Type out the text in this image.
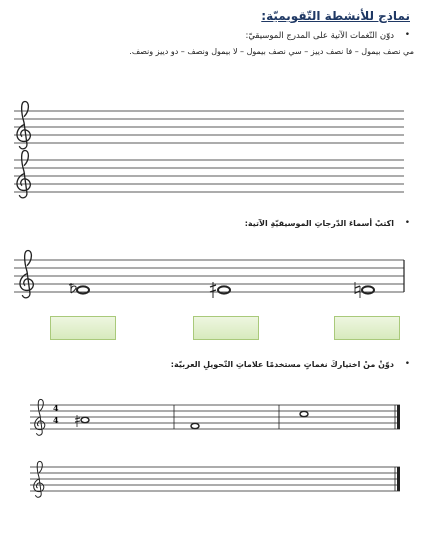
نماذج للأنشطة التّقويميّة:
•
دوّن النّغمات الآتية على المدرج الموسيقيّ:
مي نصف بيمول – فا نصف دييز – سي نصف بيمول – لا بيمول ونصف – دو دييز ونصف.
•
اكتبْ أسماءَ الدّرجاتِ الموسيقيّةِ الآتية:
•
دوّنْ منْ اختياركَ نغماتٍ مستخدمًا علاماتِ التّحويلِ العربيّة:
4
4
